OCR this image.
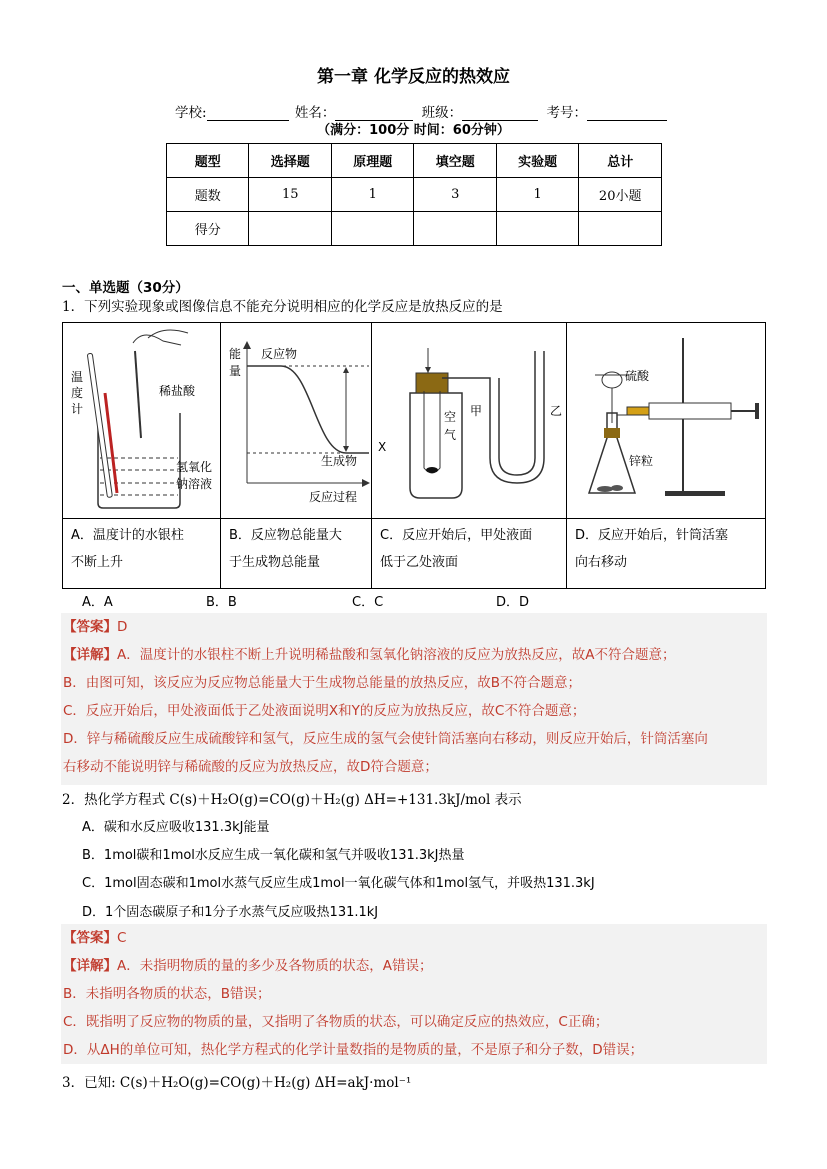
第一章 化学反应的热效应
学校:	姓名：	班级：	考号：
（满分：100分 时间：60分钟）
题型	选择题	原理题	填空题	实验题	总计
题数	15	1	3	1	20小题
得分					
一、单选题（30分）
1．下列实验现象或图像信息不能充分说明相应的化学反应是放热反应的是
温
度
计
稀盐酸
氢氧化
钠溶液
能
量
反应物
生成物
反应过程
空
气
X
甲	乙
硫酸
锌粒
A．温度计的水银柱
不断上升
B．反应物总能量大
于生成物总能量
C．反应开始后，甲处液面
低于乙处液面
D．反应开始后，针筒活塞
向右移动
A．A	B．B	C．C	D．D
【答案】D
【详解】A．温度计的水银柱不断上升说明稀盐酸和氢氧化钠溶液的反应为放热反应，故A不符合题意；
B．由图可知，该反应为反应物总能量大于生成物总能量的放热反应，故B不符合题意；
C．反应开始后，甲处液面低于乙处液面说明X和Y的反应为放热反应，故C不符合题意；
D．锌与稀硫酸反应生成硫酸锌和氢气，反应生成的氢气会使针筒活塞向右移动，则反应开始后，针筒活塞向
右移动不能说明锌与稀硫酸的反应为放热反应，故D符合题意；
2．热化学方程式 C(s)＋H₂O(g)=CO(g)＋H₂(g) ΔH=+131.3kJ/mol 表示
A．碳和水反应吸收131.3kJ能量
B．1mol碳和1mol水反应生成一氧化碳和氢气并吸收131.3kJ热量
C．1mol固态碳和1mol水蒸气反应生成1mol一氧化碳气体和1mol氢气，并吸热131.3kJ
D．1个固态碳原子和1分子水蒸气反应吸热131.1kJ
【答案】C
【详解】A．未指明物质的量的多少及各物质的状态，A错误；
B．未指明各物质的状态，B错误；
C．既指明了反应物的物质的量，又指明了各物质的状态，可以确定反应的热效应，C正确；
D．从ΔH的单位可知，热化学方程式的化学计量数指的是物质的量，不是原子和分子数，D错误；
3．已知: C(s)＋H₂O(g)=CO(g)＋H₂(g) ΔH=akJ·mol⁻¹
